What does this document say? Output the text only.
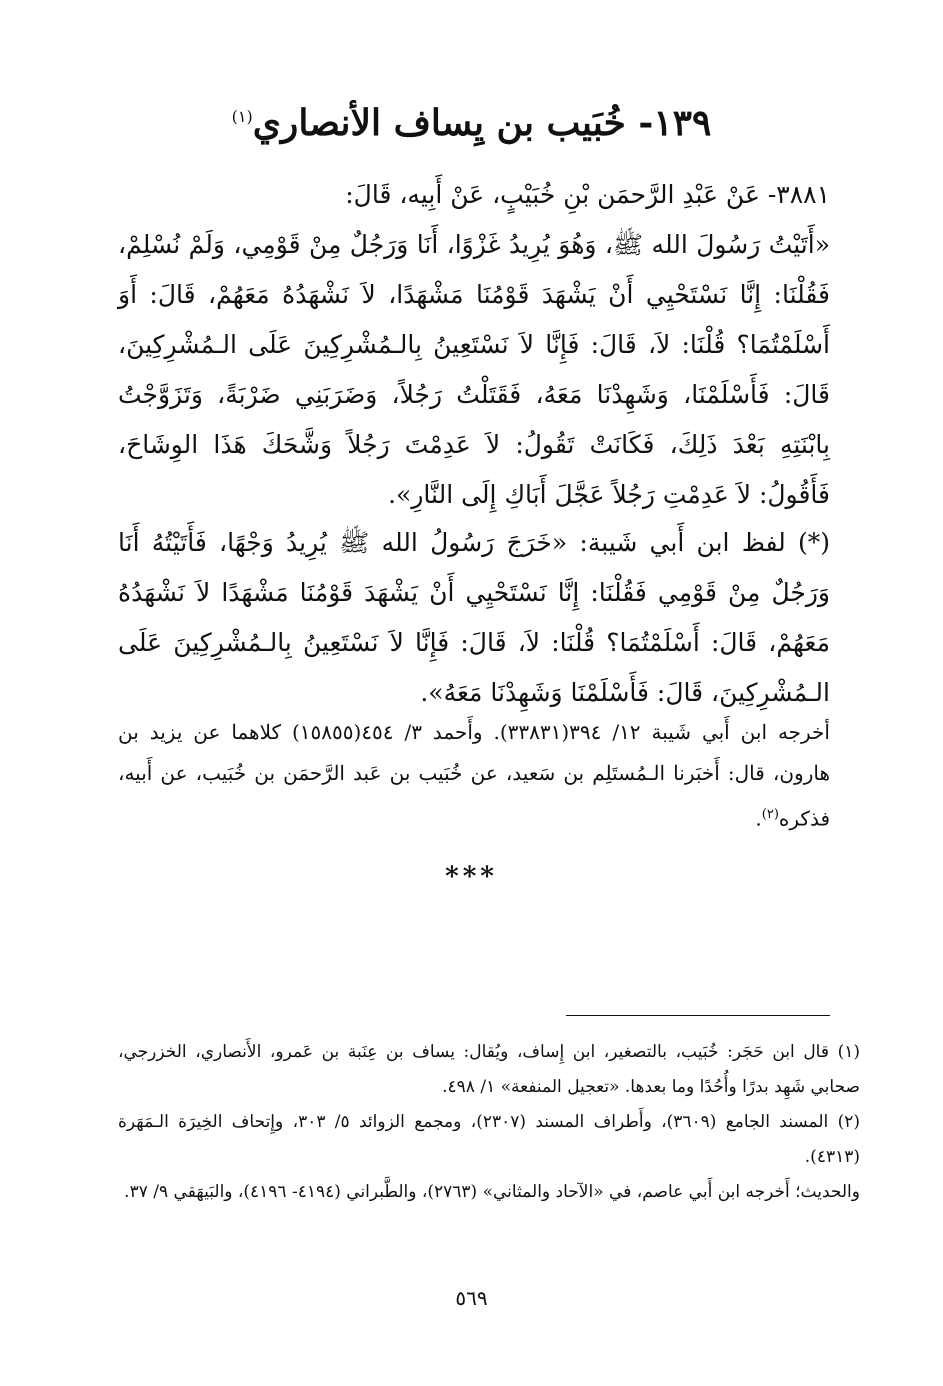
١٣٩- خُبَيب بن يِساف الأنصاري$^{(١)}$

٣٨٨١- عَنْ عَبْدِ الرَّحمَن بْنِ خُبَيْبٍ، عَنْ أَبِيه، قَالَ:

«أَتَيْتُ رَسُولَ الله ﷺ، وَهُوَ يُرِيدُ غَزْوًا، أَنَا وَرَجُلٌ مِنْ قَوْمِي، وَلَمْ نُسْلِمْ، فَقُلْنَا: إِنَّا نَسْتَحْيِي أَنْ يَشْهَدَ قَوْمُنَا مَشْهَدًا، لاَ نَشْهَدُهُ مَعَهُمْ، قَالَ: أَوَ أَسْلَمْتُمَا؟ قُلْنَا: لاَ، قَالَ: فَإِنَّا لاَ نَسْتَعِينُ بِالـمُشْرِكِينَ عَلَى الـمُشْرِكِينَ، قَالَ: فَأَسْلَمْنَا، وَشَهِدْنَا مَعَهُ، فَقَتَلْتُ رَجُلاً، وَضَرَبَنِي ضَرْبَةً، وَتَزَوَّجْتُ بِابْنَتِهِ بَعْدَ ذَلِكَ، فَكَانَتْ تَقُولُ: لاَ عَدِمْتَ رَجُلاً وَشَّحَكَ هَذَا الوِشَاحَ، فَأَقُولُ: لاَ عَدِمْتِ رَجُلاً عَجَّلَ أَبَاكِ إِلَى النَّارِ».

(*) لفظ ابن أَبي شَيبة: «خَرَجَ رَسُولُ الله ﷺ يُرِيدُ وَجْهًا، فَأَتَيْتُهُ أَنَا وَرَجُلٌ مِنْ قَوْمِي فَقُلْنَا: إِنَّا نَسْتَحْيِي أَنْ يَشْهَدَ قَوْمُنَا مَشْهَدًا لاَ نَشْهَدُهُ مَعَهُمْ، قَالَ: أَسْلَمْتُمَا؟ قُلْنَا: لاَ، قَالَ: فَإِنَّا لاَ نَسْتَعِينُ بِالـمُشْرِكِينَ عَلَى الـمُشْرِكِينَ، قَالَ: فَأَسْلَمْنَا وَشَهِدْنَا مَعَهُ».

أخرجه ابن أَبي شَيبة ١٢/ ٣٩٤(٣٣٨٣١). وأَحمد ٣/ ٤٥٤(١٥٨٥٥) كلاهما عن يزيد بن هارون، قال: أَخبَرنا الـمُستَلِم بن سَعيد، عن خُبَيب بن عَبد الرَّحمَن بن خُبَيب، عن أَبيه، فذكره$^{(٢)}$.
***

(١) قال ابن حَجَر: خُبَيب، بالتصغير، ابن إِساف، ويُقال: يساف بن عِنَبة بن عَمرو، الأَنصاري، الخزرجي، صحابي شَهِد بدرًا وأُحُدًا وما بعدها. «تعجيل المنفعة» ١/ ٤٩٨.

(٢) المسند الجامع (٣٦٠٩)، وأَطراف المسند (٢٣٠٧)، ومجمع الزوائد ٥/ ٣٠٣، وإِتحاف الخِيرَة الـمَهَرة (٤٣١٣).

والحديث؛ أَخرجه ابن أَبي عاصم، في «الآحاد والمثاني» (٢٧٦٣)، والطَّبراني (٤١٩٤- ٤١٩٦)، والبَيهَقي ٩/ ٣٧.

٥٦٩
